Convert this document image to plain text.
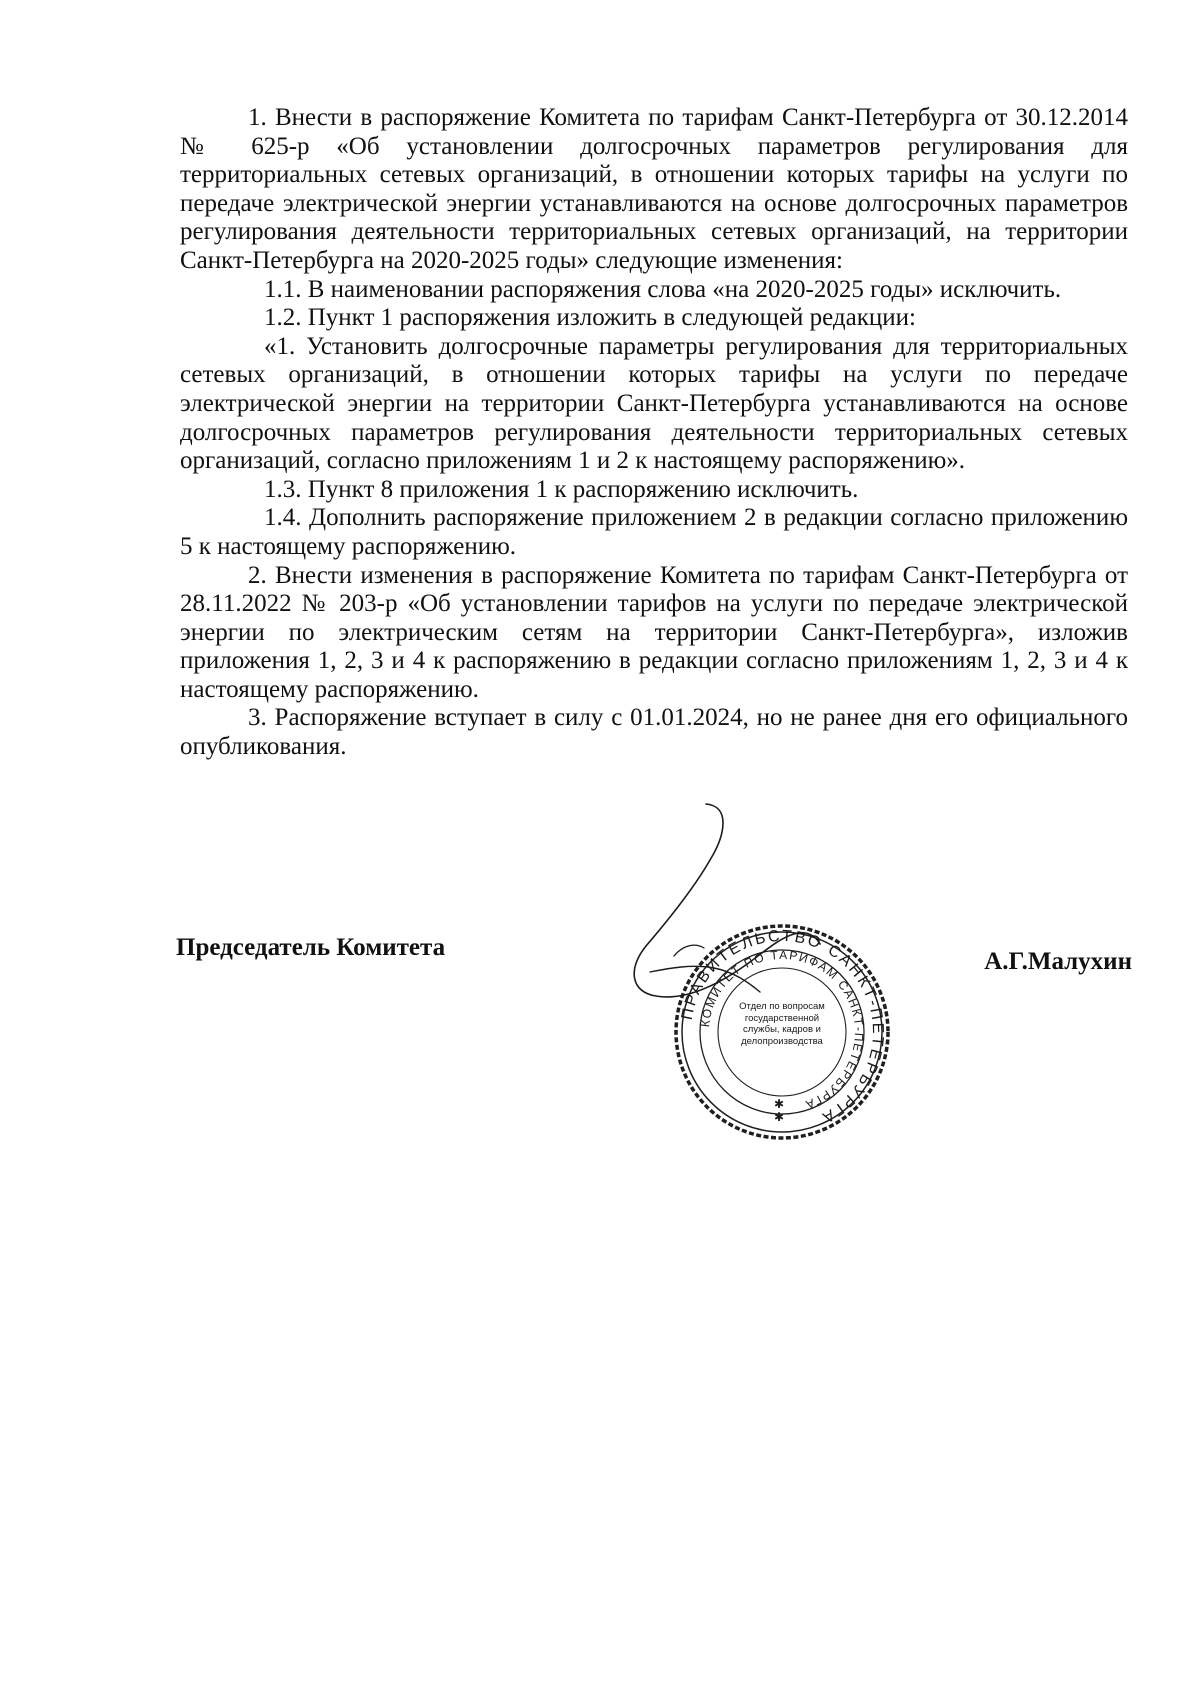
1. Внести в распоряжение Комитета по тарифам Санкт-Петербурга от 30.12.2014 № 625-р «Об установлении долгосрочных параметров регулирования для территориальных сетевых организаций, в отношении которых тарифы на услуги по передаче электрической энергии устанавливаются на основе долгосрочных параметров регулирования деятельности территориальных сетевых организаций, на территории Санкт-Петербурга на 2020-2025 годы» следующие изменения:

1.1. В наименовании распоряжения слова «на 2020-2025 годы» исключить.

1.2. Пункт 1 распоряжения изложить в следующей редакции:

«1. Установить долгосрочные параметры регулирования для территориальных сетевых организаций, в отношении которых тарифы на услуги по передаче электрической энергии на территории Санкт-Петербурга устанавливаются на основе долгосрочных параметров регулирования деятельности территориальных сетевых организаций, согласно приложениям 1 и 2 к настоящему распоряжению».

1.3. Пункт 8 приложения 1 к распоряжению исключить.

1.4. Дополнить распоряжение приложением 2 в редакции согласно приложению 5 к настоящему распоряжению.

2. Внести изменения в распоряжение Комитета по тарифам Санкт-Петербурга от 28.11.2022 № 203-р «Об установлении тарифов на услуги по передаче электрической энергии по электрическим сетям на территории Санкт-Петербурга», изложив приложения 1, 2, 3 и 4 к распоряжению в редакции согласно приложениям 1, 2, 3 и 4 к настоящему распоряжению.

3. Распоряжение вступает в силу с 01.01.2024, но не ранее дня его официального опубликования.

Председатель Комитета
А.Г.Малухин
ПРАВИТЕЛЬСТВО САНКТ-ПЕТЕРБУРГА
КОМИТЕТ ПО ТАРИФАМ САНКТ-ПЕТЕРБУРГА
✱
✱
Отдел по вопросам государственной службы, кадров и делопроизводства
